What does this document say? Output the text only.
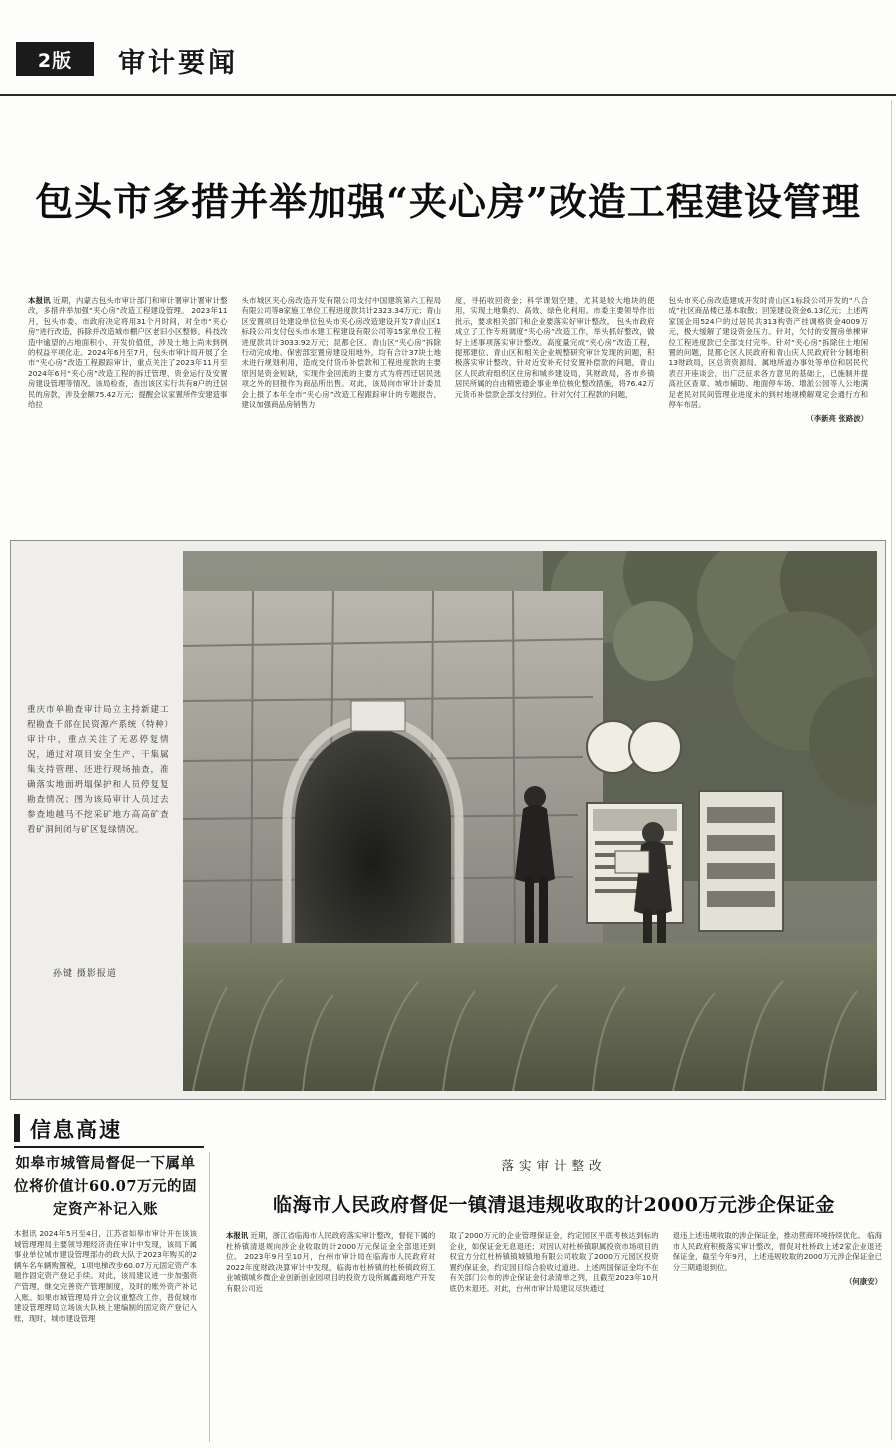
2版	审计要闻
包头市多措并举加强“夹心房”改造工程建设管理
本报讯 近期，内蒙古包头市审计部门和审计署审计署审计整改，多措并举加强“夹心房”改造工程建设管理。 2023年11月，包头市委、市政府决定将用31个月时间，对全市“夹心房”进行改造，拆除并改造城市棚户区老旧小区整修。科技改造中逾望的占地面积小、开发价值低，涉及土地上尚未到例的权益平项化走。2024年6月至7月，包头市审计局开展了全市“夹心房”改造工程跟踪审计，重点关注了2023年11月至2024年6月“夹心房”改造工程的拆迁管理、资金运行及安置房建设管理等情况。该局检查，查出该区实行共有8户的迁居民的房款，涉及金额75.42万元；提醒会议家置所件安建造事给拉
头市城区夹心房改造开发有限公司支付中国建筑第六工程局有限公司等8家施工单位工程进度款共计2323.34万元；青山区安置项目处建设单位包头市夹心房改造建设开发7青山区1标段公司支付包头市水建工程建设有限公司等15家单位工程进度款共计3033.92万元；昆都仑区、青山区“夹心房”拆除行动完成地、保密部室置房建设用地外，均有合计37块土地未进行规划利用，造成交付货币补偿款和工程进度款的主要原因是资金短缺，实现作金回流的主要方式为将西迁居民选项之外的回报作为商品所出售。对此，该局向市审计计委员会上报了本年全市“夹心房”改造工程跟踪审计的专题报告，建议加强商品房销售力
度，寻拓收回资金；科学课划空建，尤其是较大地块的使用，实现土地集约、高效、绿色化利用。市委主要领导作出批示，要求相关部门和企业要落实好审计整改。 包头市政府成立了工作专班调度“夹心房”改造工作，举头抓好整改，做好上述事项落实审计整改。高度量完成“夹心房”改造工程，提那建位、青山区和相关企业规整研究审计发现的问题，积极落实审计整改。针对近安补充付安置补偿款的问题，青山区人民政府组织区住房和城乡建设局，其财政局，各市乡镇居民所属的自由精密通企事业单位核化整改措施，将76.42万元货币补偿款企部支付到位。针对欠付工程款的问题，
包头市夹心房改造建成开发时青山区1标段公司开发的“八合成”社区商品楼已基本取散；回笼建设资金6.13亿元；上述两家国企用524户的过居民共313构资产挂调格资金4009万元，极大缓解了建设资金压力。针对，欠付的安置房单棟审位工程进度款已全部支付完毕。针对“夹心房”拆除住土地闲置的问题，昆都仑区人民政府和青山庆人民政府针分制地积13财政局，区总资资源局、属地所道办事处等单位和居民代表召开座谈会，出广泛征求各方意见的基础上，已施制并提高社区查章、城市辅助、地面停车场、增派公园等人公地满足老民对民间管理业进度未的到村地规模解观定会通行方和停车布居。
（李新亮 张路波）
重庆市单勘查审计局立主持新建工程勘查千部在民资源产系统（特种）审计中，重点关注了无恶停复情况，通过对项目安全生产、干集属集支持管理、还进行现场抽查，准确落实地面坍塌保护和人员停复复勘查情况；图为该局审计人员过去参查地越马不挖采矿地方高高矿查看矿洞间闭与矿区复绿情况。
孙键 摄影报道
信息高速
如皋市城管局督促一下属单位将价值计60.07万元的固定资产补记入账
本报讯 2024年5月至4日，江苏省如皋市审计开在该该城管理理局主要领导理经济责任审计中发现，该局下属事业单位城市建设管理部办的政大队于2023年购买的2辆车名车辆购置税，1项电梯改步60.07万元固定资产本题作固定资产登记手续。对此，该局建议进一步加强资产管理，继交完善资产管理制度，及时的账外资产补记入账。如果市城管理局并立会议重整改工作，普促城市建设管理理局立场该大队核上建编制的固定资产登记入账，现时，城市建设管理
落实审计整改
临海市人民政府督促一镇清退违规收取的计2000万元涉企保证金
本报讯 近期，浙江省临海市人民政府落实审计整改，督促下属的杜桥镇清退规向涉企业收取的计2000万元保证金全部退还到位。 2023年9月至10月，台州市审计局在临海市人民政府对2022年度财政决算审计中发现，临海市杜桥镇的杜桥镇政府工业城镇城乡微企业创新创业园项目的投资方设所属鑫商地产开发有限公司近
取了2000万元的企业管理保证金，约定园区平底考核达到标的企业，如保证金无息退还；对因认对杜桥镇职属投资市场项目的权宜方分红杜桥镇镇城镇地有限公司收取了2000万元园区投资置约保证金，约定园目综合验收过道进。上述两国保证金均不在有关部门公布的涉企保证金付录清单之列，且截至2023年10月底仍未退还。对此，台州市审计局建议尽快通过
退违上述违规收取的涉企保证金，推动营商环境持续优化。 临海市人民政府积极落实审计整改，督促对杜桥政上述2家企业退还保证金，截至今年9月，上述违规收取的2000万元涉企保证金已分三期通退到位。
（何康安）
